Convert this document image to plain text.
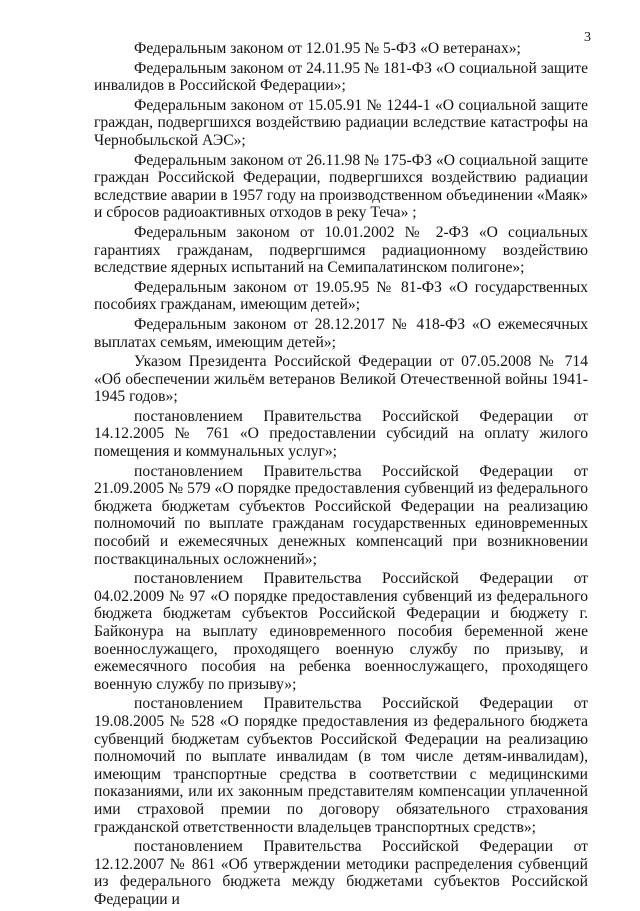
3

Федеральным законом от 12.01.95 № 5-ФЗ «О ветеранах»;

Федеральным законом от 24.11.95 № 181-ФЗ «О социальной защите инвалидов в Российской Федерации»;

Федеральным законом от 15.05.91 № 1244-1 «О социальной защите граждан, подвергшихся воздействию радиации вследствие катастрофы на Чернобыльской АЭС»;

Федеральным законом от 26.11.98 № 175-ФЗ «О социальной защите граждан Российской Федерации, подвергшихся воздействию радиации вследствие аварии в 1957 году на производственном объединении «Маяк» и сбросов радиоактивных отходов в реку Теча» ;

Федеральным законом от 10.01.2002 № 2-ФЗ «О социальных гарантиях гражданам, подвергшимся радиационному воздействию вследствие ядерных испытаний на Семипалатинском полигоне»;

Федеральным законом от 19.05.95 № 81-ФЗ «О государственных пособиях гражданам, имеющим детей»;

Федеральным законом от 28.12.2017 № 418-ФЗ «О ежемесячных выплатах семьям, имеющим детей»;

Указом Президента Российской Федерации от 07.05.2008 № 714 «Об обеспечении жильём ветеранов Великой Отечественной войны 1941-1945 годов»;

постановлением Правительства Российской Федерации от 14.12.2005 № 761 «О предоставлении субсидий на оплату жилого помещения и коммунальных услуг»;

постановлением Правительства Российской Федерации от 21.09.2005 № 579 «О порядке предоставления субвенций из федерального бюджета бюджетам субъектов Российской Федерации на реализацию полномочий по выплате гражданам государственных единовременных пособий и ежемесячных денежных компенсаций при возникновении поствакцинальных осложнений»;

постановлением Правительства Российской Федерации от 04.02.2009 № 97 «О порядке предоставления субвенций из федерального бюджета бюджетам субъектов Российской Федерации и бюджету г. Байконура на выплату единовременного пособия беременной жене военнослужащего, проходящего военную службу по призыву, и ежемесячного пособия на ребенка военнослужащего, проходящего военную службу по призыву»;

постановлением Правительства Российской Федерации от 19.08.2005 № 528 «О порядке предоставления из федерального бюджета субвенций бюджетам субъектов Российской Федерации на реализацию полномочий по выплате инвалидам (в том числе детям-инвалидам), имеющим транспортные средства в соответствии с медицинскими показаниями, или их законным представителям компенсации уплаченной ими страховой премии по договору обязательного страхования гражданской ответственности владельцев транспортных средств»;

постановлением Правительства Российской Федерации от 12.12.2007 № 861 «Об утверждении методики распределения субвенций из федерального бюджета между бюджетами субъектов Российской Федерации и
